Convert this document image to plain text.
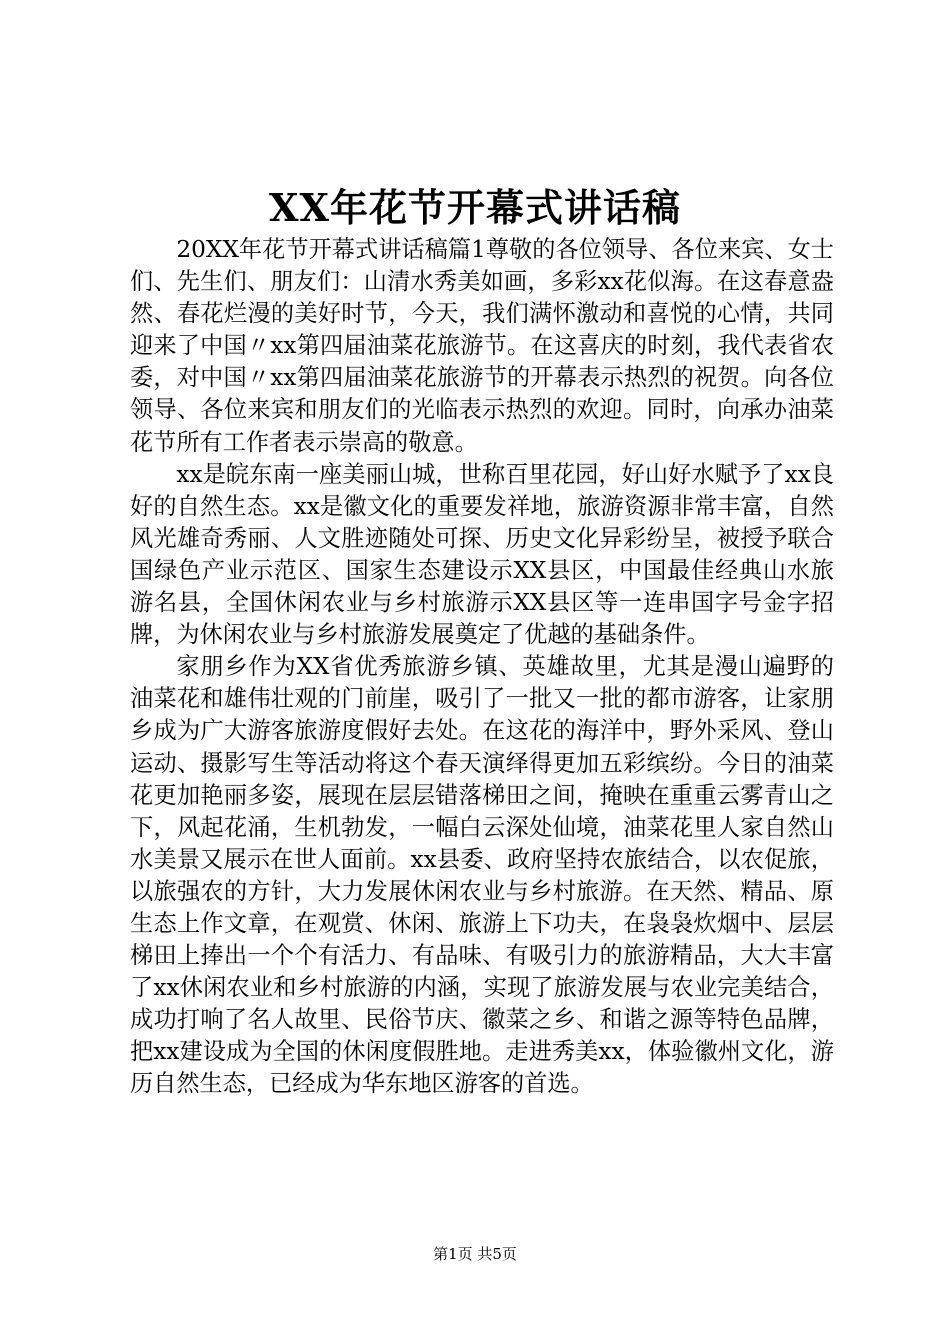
XX年花节开幕式讲话稿

20XX年花节开幕式讲话稿篇1尊敬的各位领导、各位来宾、女士们、先生们、朋友们：山清水秀美如画，多彩xx花似海。在这春意盎然、春花烂漫的美好时节，今天，我们满怀激动和喜悦的心情，共同迎来了中国〃xx第四届油菜花旅游节。在这喜庆的时刻，我代表省农委，对中国〃xx第四届油菜花旅游节的开幕表示热烈的祝贺。向各位领导、各位来宾和朋友们的光临表示热烈的欢迎。同时，向承办油菜花节所有工作者表示崇高的敬意。

xx是皖东南一座美丽山城，世称百里花园，好山好水赋予了xx良好的自然生态。xx是徽文化的重要发祥地，旅游资源非常丰富，自然风光雄奇秀丽、人文胜迹随处可探、历史文化异彩纷呈，被授予联合国绿色产业示范区、国家生态建设示XX县区，中国最佳经典山水旅游名县，全国休闲农业与乡村旅游示XX县区等一连串国字号金字招牌，为休闲农业与乡村旅游发展奠定了优越的基础条件。

家朋乡作为XX省优秀旅游乡镇、英雄故里，尤其是漫山遍野的油菜花和雄伟壮观的门前崖，吸引了一批又一批的都市游客，让家朋乡成为广大游客旅游度假好去处。在这花的海洋中，野外采风、登山运动、摄影写生等活动将这个春天演绎得更加五彩缤纷。今日的油菜花更加艳丽多姿，展现在层层错落梯田之间，掩映在重重云雾青山之下，风起花涌，生机勃发，一幅白云深处仙境，油菜花里人家自然山水美景又展示在世人面前。xx县委、政府坚持农旅结合，以农促旅，以旅强农的方针，大力发展休闲农业与乡村旅游。在天然、精品、原生态上作文章，在观赏、休闲、旅游上下功夫，在袅袅炊烟中、层层梯田上捧出一个个有活力、有品味、有吸引力的旅游精品，大大丰富了xx休闲农业和乡村旅游的内涵，实现了旅游发展与农业完美结合，成功打响了名人故里、民俗节庆、徽菜之乡、和谐之源等特色品牌，把xx建设成为全国的休闲度假胜地。走进秀美xx，体验徽州文化，游历自然生态，已经成为华东地区游客的首选。

第1页 共5页
